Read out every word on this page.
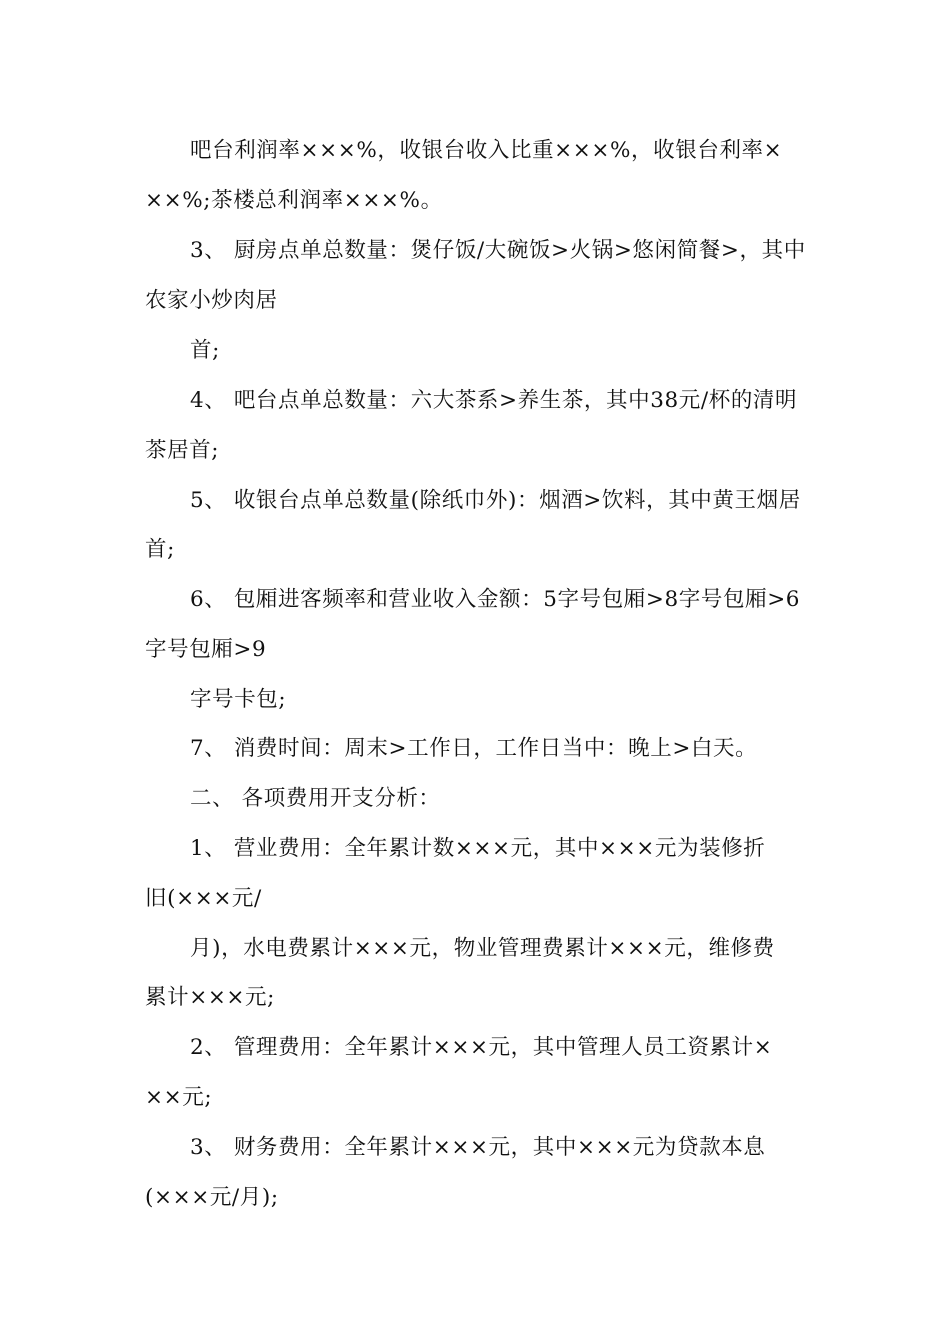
吧台利润率×××%，收银台收入比重×××%，收银台利率×
××%;茶楼总利润率×××%。
3、 厨房点单总数量：煲仔饭/大碗饭>火锅>悠闲简餐>，其中
农家小炒肉居
首;
4、 吧台点单总数量：六大茶系>养生茶，其中38元/杯的清明
茶居首;
5、 收银台点单总数量(除纸巾外)：烟酒>饮料，其中黄王烟居
首;
6、 包厢进客频率和营业收入金额：5字号包厢>8字号包厢>6
字号包厢>9
字号卡包;
7、 消费时间：周末>工作日，工作日当中：晚上>白天。
二、 各项费用开支分析：
1、 营业费用：全年累计数×××元，其中×××元为装修折
旧(×××元/
月)，水电费累计×××元，物业管理费累计×××元，维修费
累计×××元;
2、 管理费用：全年累计×××元，其中管理人员工资累计×
××元;
3、 财务费用：全年累计×××元，其中×××元为贷款本息
(×××元/月);
